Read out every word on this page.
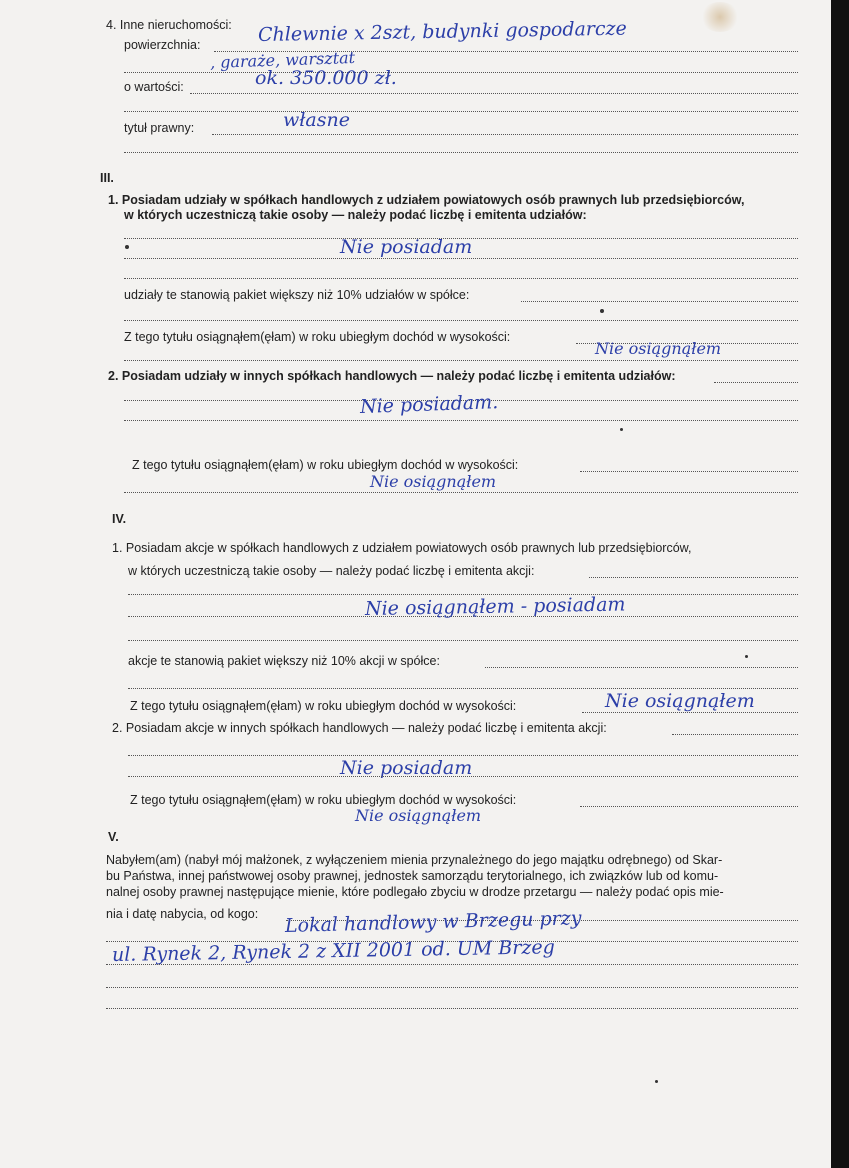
4. Inne nieruchomości:
powierzchnia:	Chlewnie x 2szt, budynki gospodarcze
, garaże, warsztat
o wartości:	ok. 350.000 zł.
tytuł prawny:	własne
III.
1. Posiadam udziały w spółkach handlowych z udziałem powiatowych osób prawnych lub przedsiębiorców,
w których uczestniczą takie osoby — należy podać liczbę i emitenta udziałów:
Nie posiadam
udziały te stanowią pakiet większy niż 10% udziałów w spółce:
Z tego tytułu osiągnąłem(ęłam) w roku ubiegłym dochód w wysokości:
Nie osiągnąłem
2. Posiadam udziały w innych spółkach handlowych — należy podać liczbę i emitenta udziałów:
Nie posiadam.
Z tego tytułu osiągnąłem(ęłam) w roku ubiegłym dochód w wysokości:
Nie osiągnąłem
IV.
1. Posiadam akcje w spółkach handlowych z udziałem powiatowych osób prawnych lub przedsiębiorców,
w których uczestniczą takie osoby — należy podać liczbę i emitenta akcji:
Nie osiągnąłem - posiadam
akcje te stanowią pakiet większy niż 10% akcji w spółce:
Z tego tytułu osiągnąłem(ęłam) w roku ubiegłym dochód w wysokości:	Nie osiągnąłem
2. Posiadam akcje w innych spółkach handlowych — należy podać liczbę i emitenta akcji:
Nie posiadam
Z tego tytułu osiągnąłem(ęłam) w roku ubiegłym dochód w wysokości:
Nie osiągnąłem
V.
Nabyłem(am) (nabył mój małżonek, z wyłączeniem mienia przynależnego do jego majątku odrębnego) od Skar-
bu Państwa, innej państwowej osoby prawnej, jednostek samorządu terytorialnego, ich związków lub od komu-
nalnej osoby prawnej następujące mienie, które podlegało zbyciu w drodze przetargu — należy podać opis mie-
nia i datę nabycia, od kogo: Lokal handlowy w Brzegu przy
ul. Rynek 2, Rynek 2 z XII 2001 od. UM Brzeg
